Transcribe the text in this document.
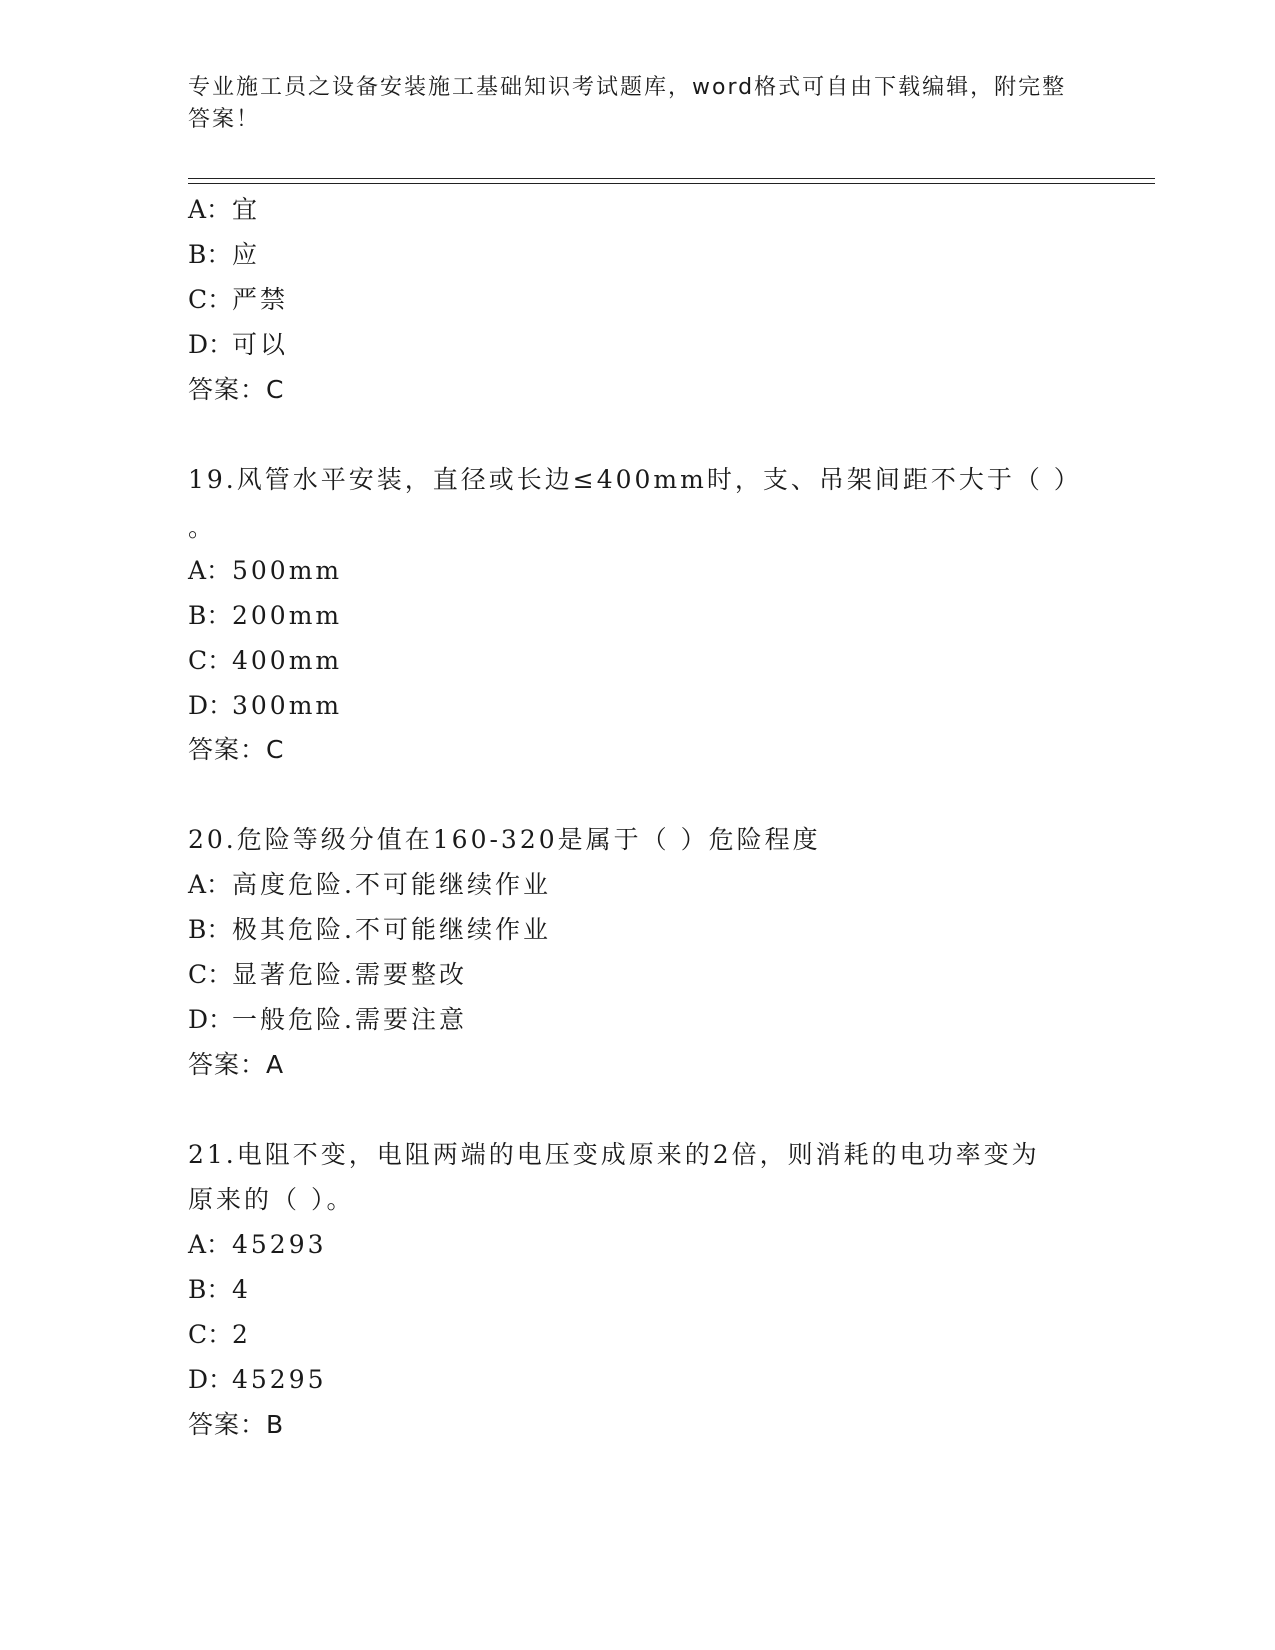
专业施工员之设备安装施工基础知识考试题库，word格式可自由下载编辑，附完整答案！
A：宜
B：应
C：严禁
D：可以
答案：C
19.风管水平安装，直径或长边≤400mm时，支、吊架间距不大于（ ）
。
A：500mm
B：200mm
C：400mm
D：300mm
答案：C
20.危险等级分值在160-320是属于（ ）危险程度
A：高度危险.不可能继续作业
B：极其危险.不可能继续作业
C：显著危险.需要整改
D：一般危险.需要注意
答案：A
21.电阻不变，电阻两端的电压变成原来的2倍，则消耗的电功率变为
原来的（ ）。
A：45293
B：4
C：2
D：45295
答案：B
